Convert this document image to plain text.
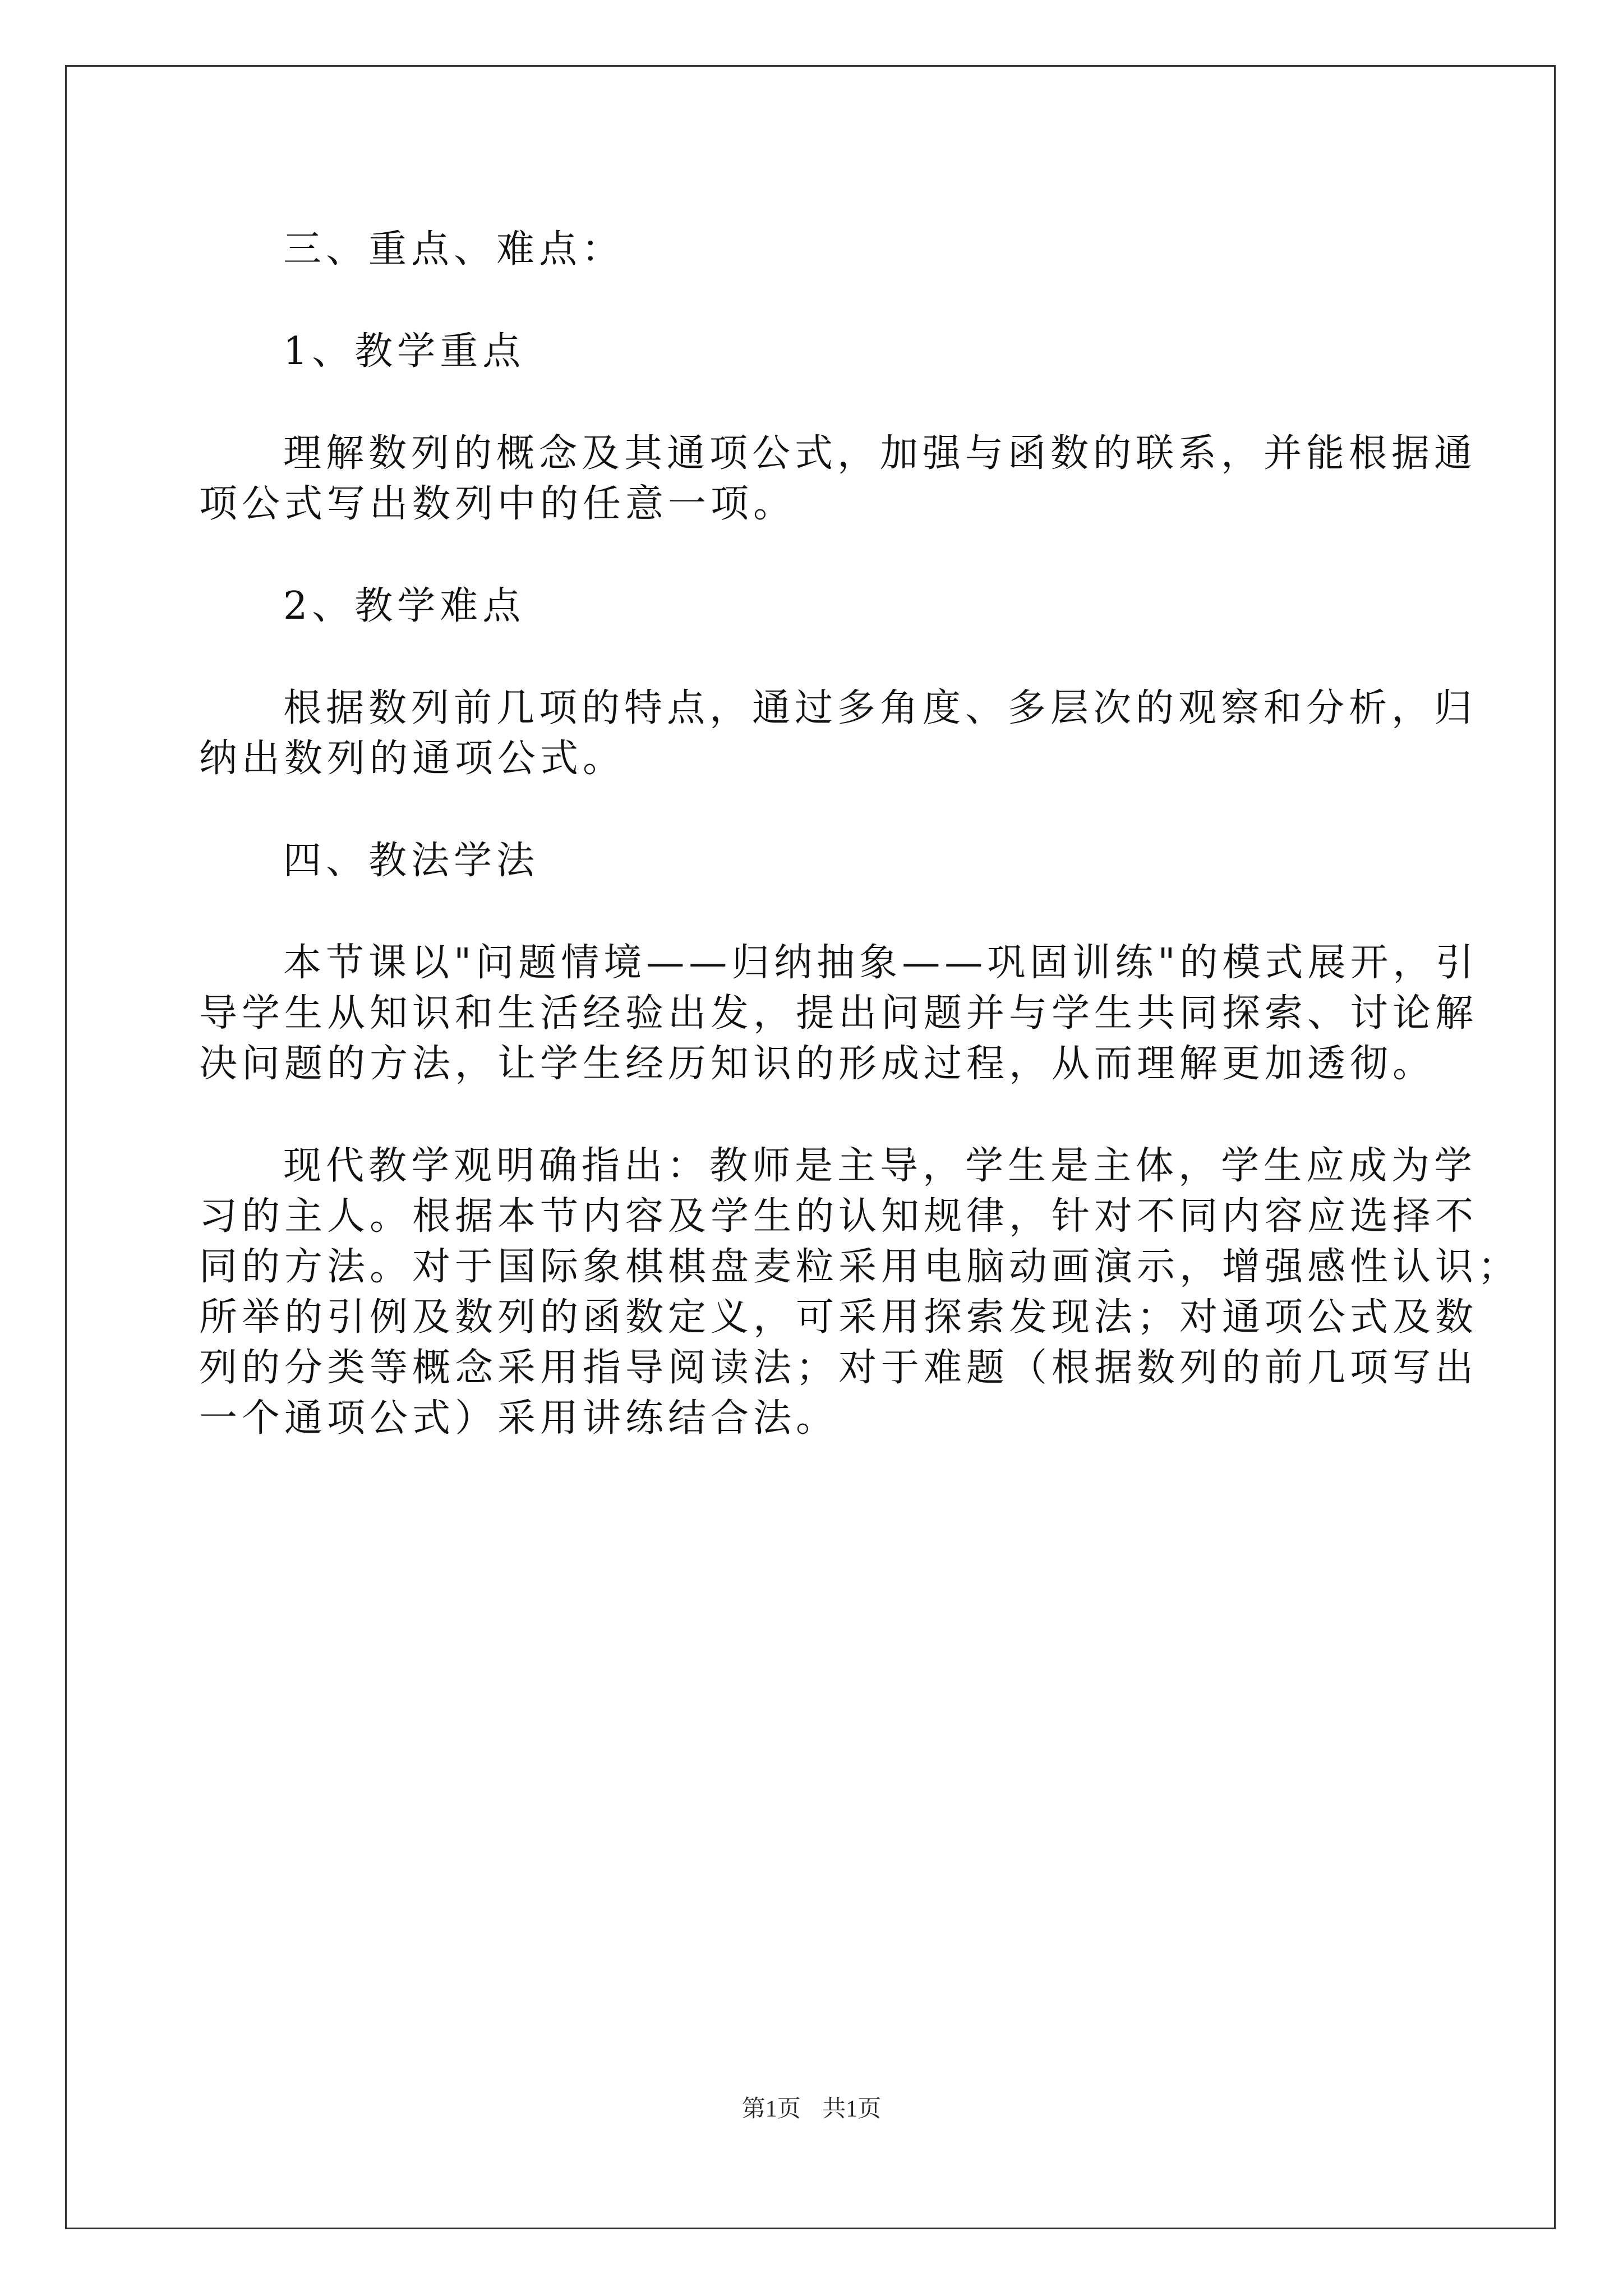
三、重点、难点：

1、教学重点

理解数列的概念及其通项公式，加强与函数的联系，并能根据通

项公式写出数列中的任意一项。

2、教学难点

根据数列前几项的特点，通过多角度、多层次的观察和分析，归

纳出数列的通项公式。

四、教法学法

本节课以"问题情境——归纳抽象——巩固训练"的模式展开，引

导学生从知识和生活经验出发，提出问题并与学生共同探索、讨论解

决问题的方法，让学生经历知识的形成过程，从而理解更加透彻。

现代教学观明确指出：教师是主导，学生是主体，学生应成为学

习的主人。根据本节内容及学生的认知规律，针对不同内容应选择不

同的方法。对于国际象棋棋盘麦粒采用电脑动画演示，增强感性认识；

所举的引例及数列的函数定义，可采用探索发现法；对通项公式及数

列的分类等概念采用指导阅读法；对于难题（根据数列的前几项写出

一个通项公式）采用讲练结合法。

第1页 共1页
